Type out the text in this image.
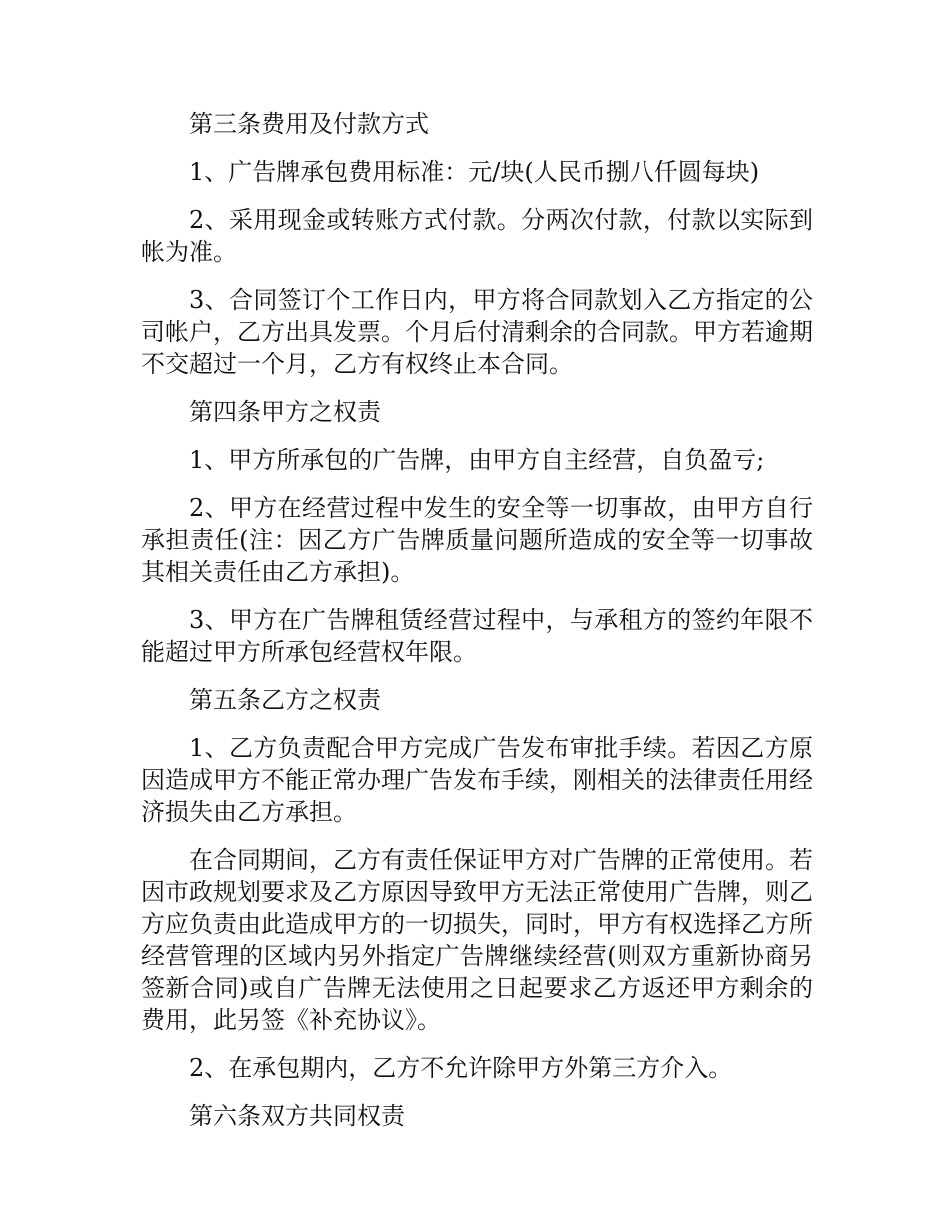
第三条费用及付款方式

1、广告牌承包费用标准：元/块(人民币捌八仟圆每块)

2、采用现金或转账方式付款。分两次付款，付款以实际到帐为准。

3、合同签订个工作日内，甲方将合同款划入乙方指定的公司帐户，乙方出具发票。个月后付清剩余的合同款。甲方若逾期不交超过一个月，乙方有权终止本合同。

第四条甲方之权责

1、甲方所承包的广告牌，由甲方自主经营，自负盈亏;

2、甲方在经营过程中发生的安全等一切事故，由甲方自行承担责任(注：因乙方广告牌质量问题所造成的安全等一切事故其相关责任由乙方承担)。

3、甲方在广告牌租赁经营过程中，与承租方的签约年限不能超过甲方所承包经营权年限。

第五条乙方之权责

1、乙方负责配合甲方完成广告发布审批手续。若因乙方原因造成甲方不能正常办理广告发布手续，刚相关的法律责任用经济损失由乙方承担。

在合同期间，乙方有责任保证甲方对广告牌的正常使用。若因市政规划要求及乙方原因导致甲方无法正常使用广告牌，则乙方应负责由此造成甲方的一切损失，同时，甲方有权选择乙方所经营管理的区域内另外指定广告牌继续经营(则双方重新协商另签新合同)或自广告牌无法使用之日起要求乙方返还甲方剩余的费用，此另签《补充协议》。

2、在承包期内，乙方不允许除甲方外第三方介入。

第六条双方共同权责
